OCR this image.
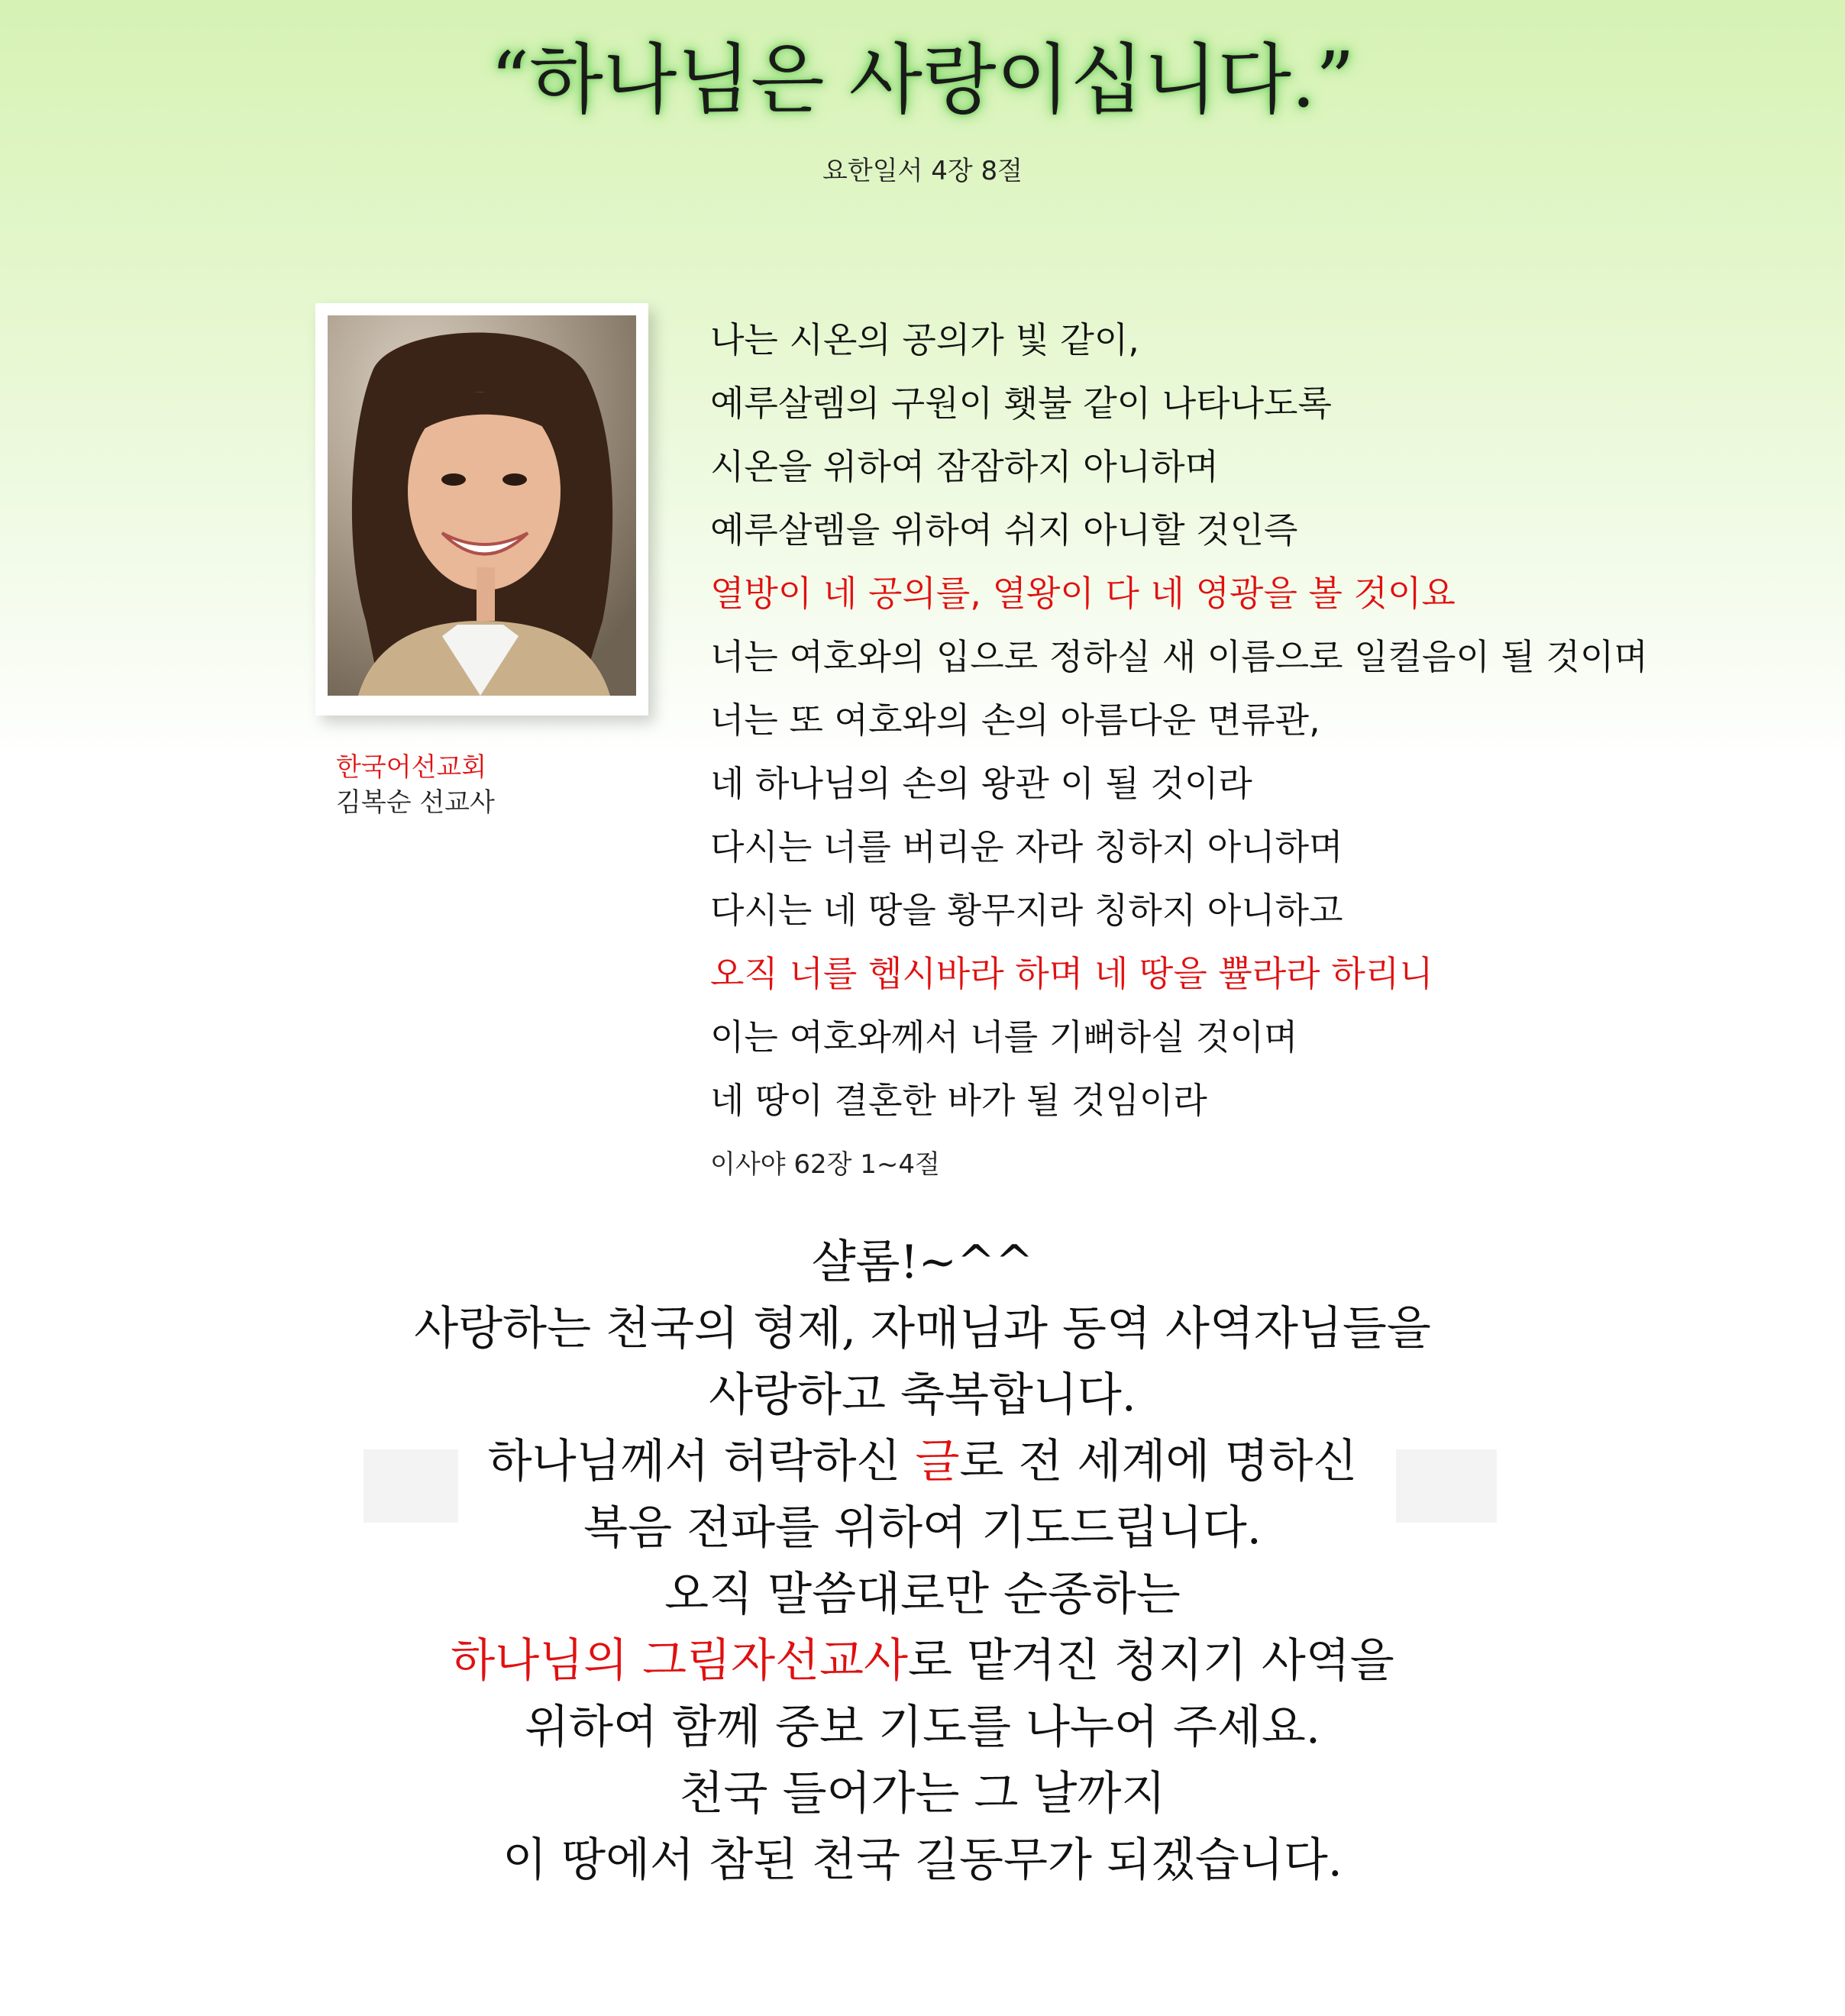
“하나님은 사랑이십니다.”
요한일서 4장 8절
한국어선교회
김복순 선교사
나는 시온의 공의가 빛 같이,
예루살렘의 구원이 횃불 같이 나타나도록
시온을 위하여 잠잠하지 아니하며
예루살렘을 위하여 쉬지 아니할 것인즉
열방이 네 공의를, 열왕이 다 네 영광을 볼 것이요
너는 여호와의 입으로 정하실 새 이름으로 일컬음이 될 것이며
너는 또 여호와의 손의 아름다운 면류관,
네 하나님의 손의 왕관 이 될 것이라
다시는 너를 버리운 자라 칭하지 아니하며
다시는 네 땅을 황무지라 칭하지 아니하고
오직 너를 헵시바라 하며 네 땅을 쁄라라 하리니
이는 여호와께서 너를 기뻐하실 것이며
네 땅이 결혼한 바가 될 것임이라
이사야 62장 1~4절
샬롬!~^^
사랑하는 천국의 형제, 자매님과 동역 사역자님들을
사랑하고 축복합니다.
하나님께서 허락하신 글로 전 세계에 명하신
복음 전파를 위하여 기도드립니다.
오직 말씀대로만 순종하는
하나님의 그림자선교사로 맡겨진 청지기 사역을
위하여 함께 중보 기도를 나누어 주세요.
천국 들어가는 그 날까지
이 땅에서 참된 천국 길동무가 되겠습니다.
